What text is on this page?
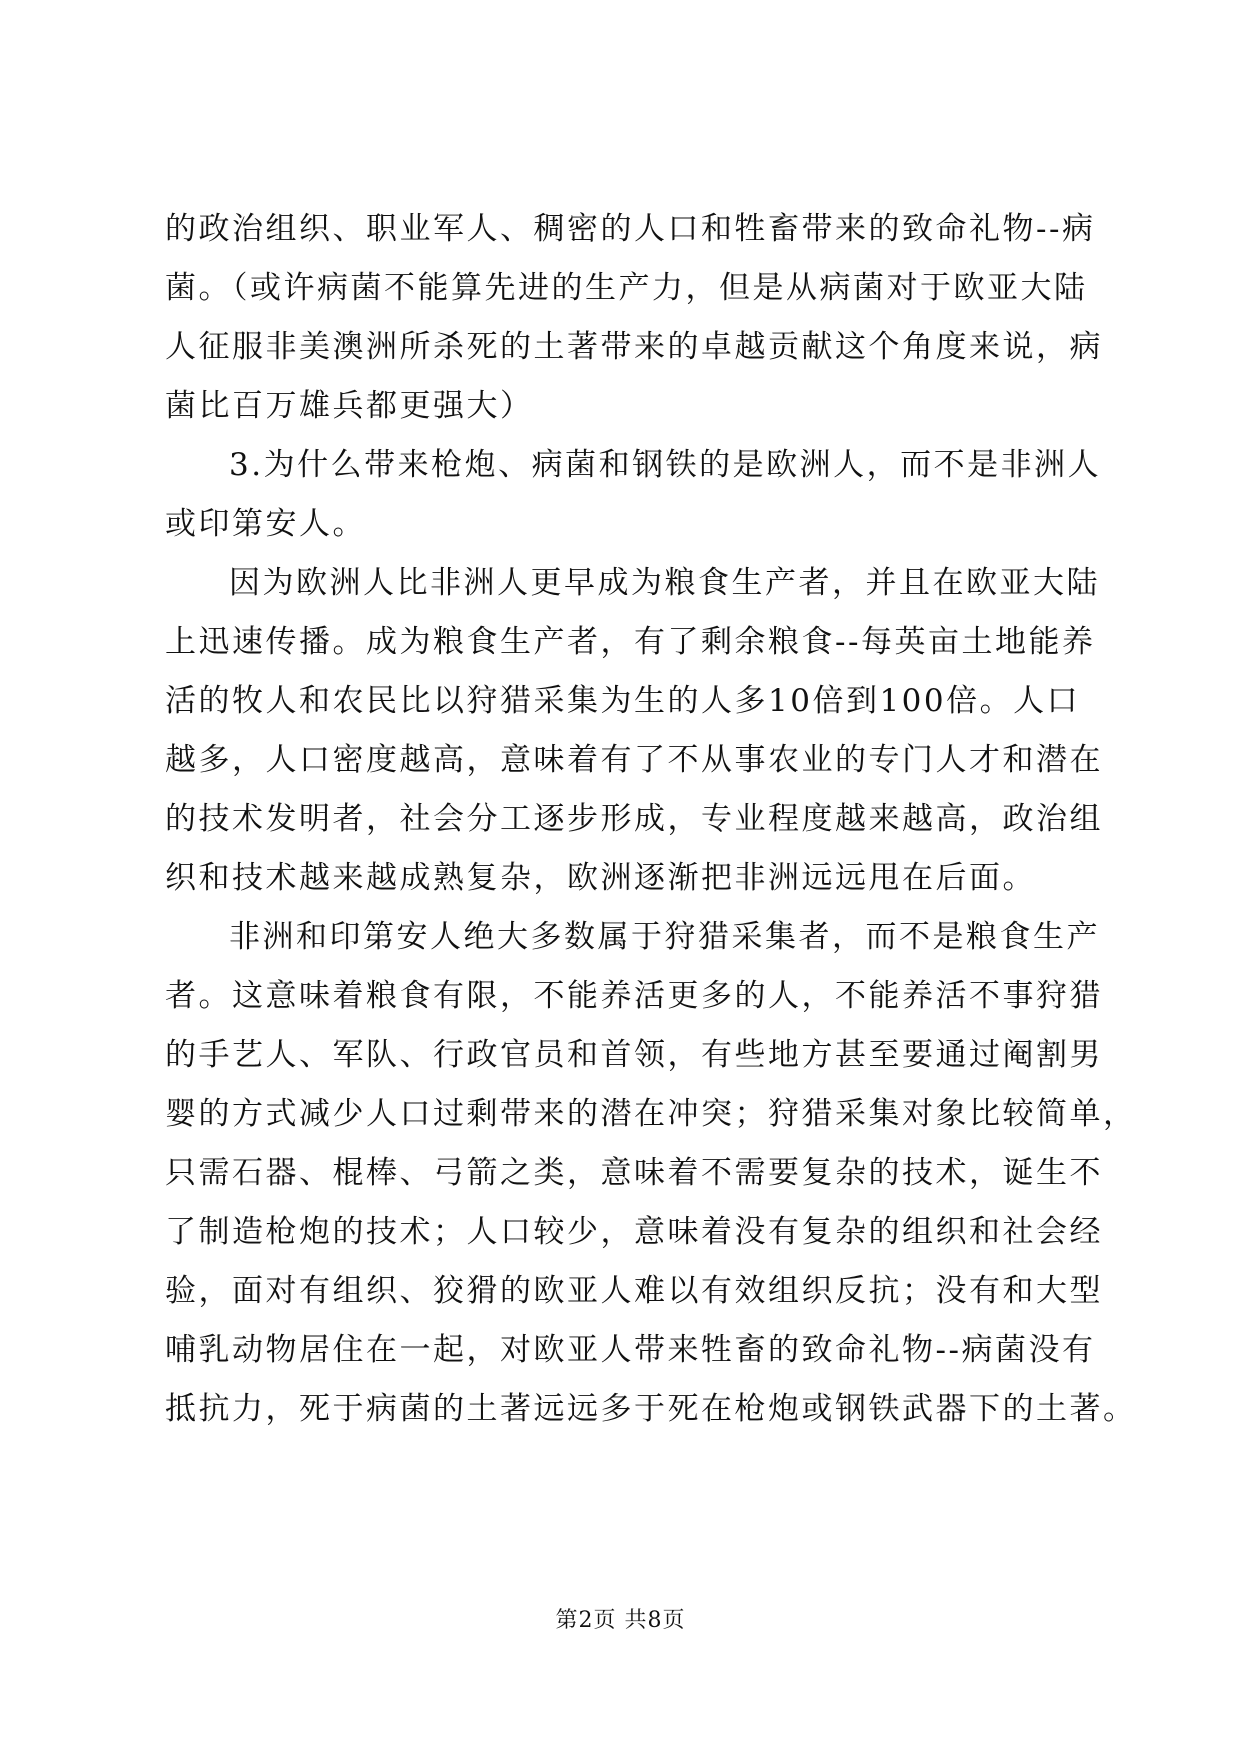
的政治组织、职业军人、稠密的人口和牲畜带来的致命礼物--病
菌。（或许病菌不能算先进的生产力，但是从病菌对于欧亚大陆
人征服非美澳洲所杀死的土著带来的卓越贡献这个角度来说，病
菌比百万雄兵都更强大）
3.为什么带来枪炮、病菌和钢铁的是欧洲人，而不是非洲人
或印第安人。
因为欧洲人比非洲人更早成为粮食生产者，并且在欧亚大陆
上迅速传播。成为粮食生产者，有了剩余粮食--每英亩土地能养
活的牧人和农民比以狩猎采集为生的人多10倍到100倍。人口
越多，人口密度越高，意味着有了不从事农业的专门人才和潜在
的技术发明者，社会分工逐步形成，专业程度越来越高，政治组
织和技术越来越成熟复杂，欧洲逐渐把非洲远远甩在后面。
非洲和印第安人绝大多数属于狩猎采集者，而不是粮食生产
者。这意味着粮食有限，不能养活更多的人，不能养活不事狩猎
的手艺人、军队、行政官员和首领，有些地方甚至要通过阉割男
婴的方式减少人口过剩带来的潜在冲突；狩猎采集对象比较简单，
只需石器、棍棒、弓箭之类，意味着不需要复杂的技术，诞生不
了制造枪炮的技术；人口较少，意味着没有复杂的组织和社会经
验，面对有组织、狡猾的欧亚人难以有效组织反抗；没有和大型
哺乳动物居住在一起，对欧亚人带来牲畜的致命礼物--病菌没有
抵抗力，死于病菌的土著远远多于死在枪炮或钢铁武器下的土著。
第2页 共8页
